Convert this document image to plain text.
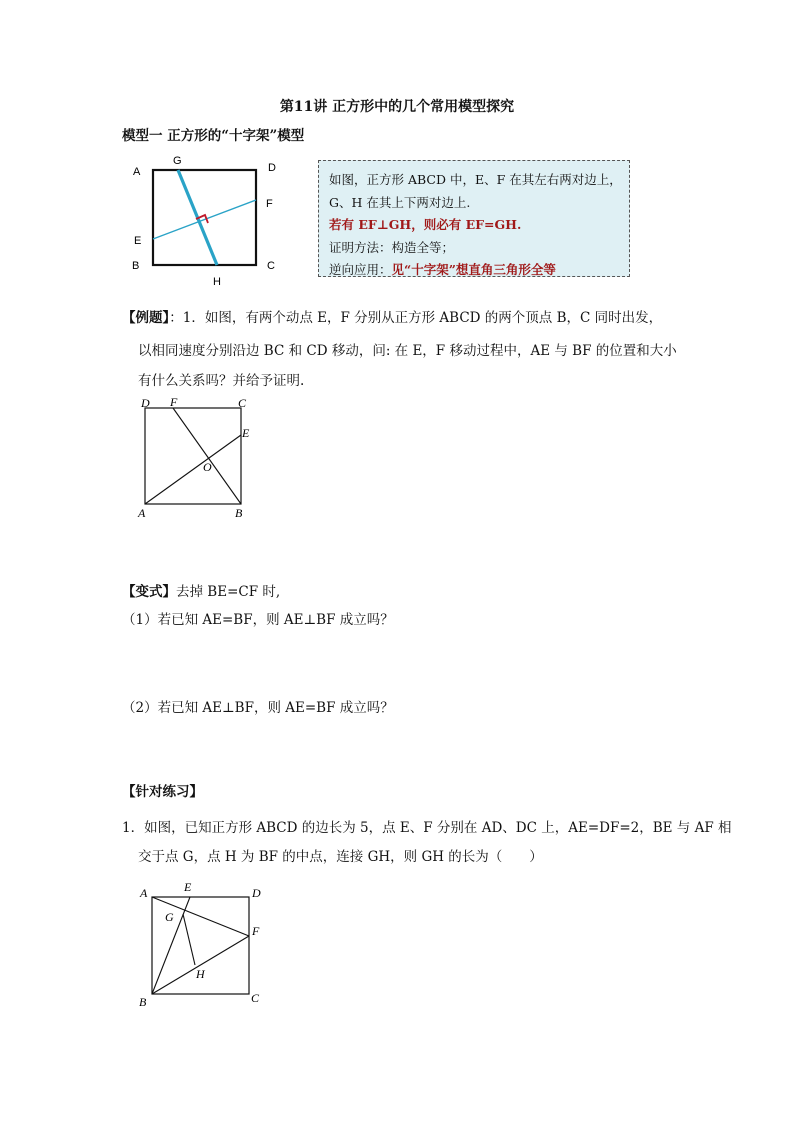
第11讲 正方形中的几个常用模型探究
模型一 正方形的“十字架”模型
G
A	D
F
E
B	C
H
如图，正方形 ABCD 中，E、F 在其左右两对边上，
G、H 在其上下两对边上.
若有 EF⊥GH，则必有 EF=GH.
证明方法：构造全等；
逆向应用：见“十字架”想直角三角形全等
【例题】：1．如图，有两个动点 E，F 分别从正方形 ABCD 的两个顶点 B，C 同时出发，
以相同速度分别沿边 BC 和 CD 移动，问: 在 E，F 移动过程中，AE 与 BF 的位置和大小
有什么关系吗？并给予证明.
D F	C
E
O
A	B
【变式】去掉 BE=CF 时,
（1）若已知 AE=BF，则 AE⊥BF 成立吗？
（2）若已知 AE⊥BF，则 AE=BF 成立吗？
【针对练习】
1．如图，已知正方形 ABCD 的边长为 5，点 E、F 分别在 AD、DC 上，AE=DF=2，BE 与 AF 相
交于点 G，点 H 为 BF 的中点，连接 GH，则 GH 的长为（　　）
A	E	D
G
F
H
B	C
